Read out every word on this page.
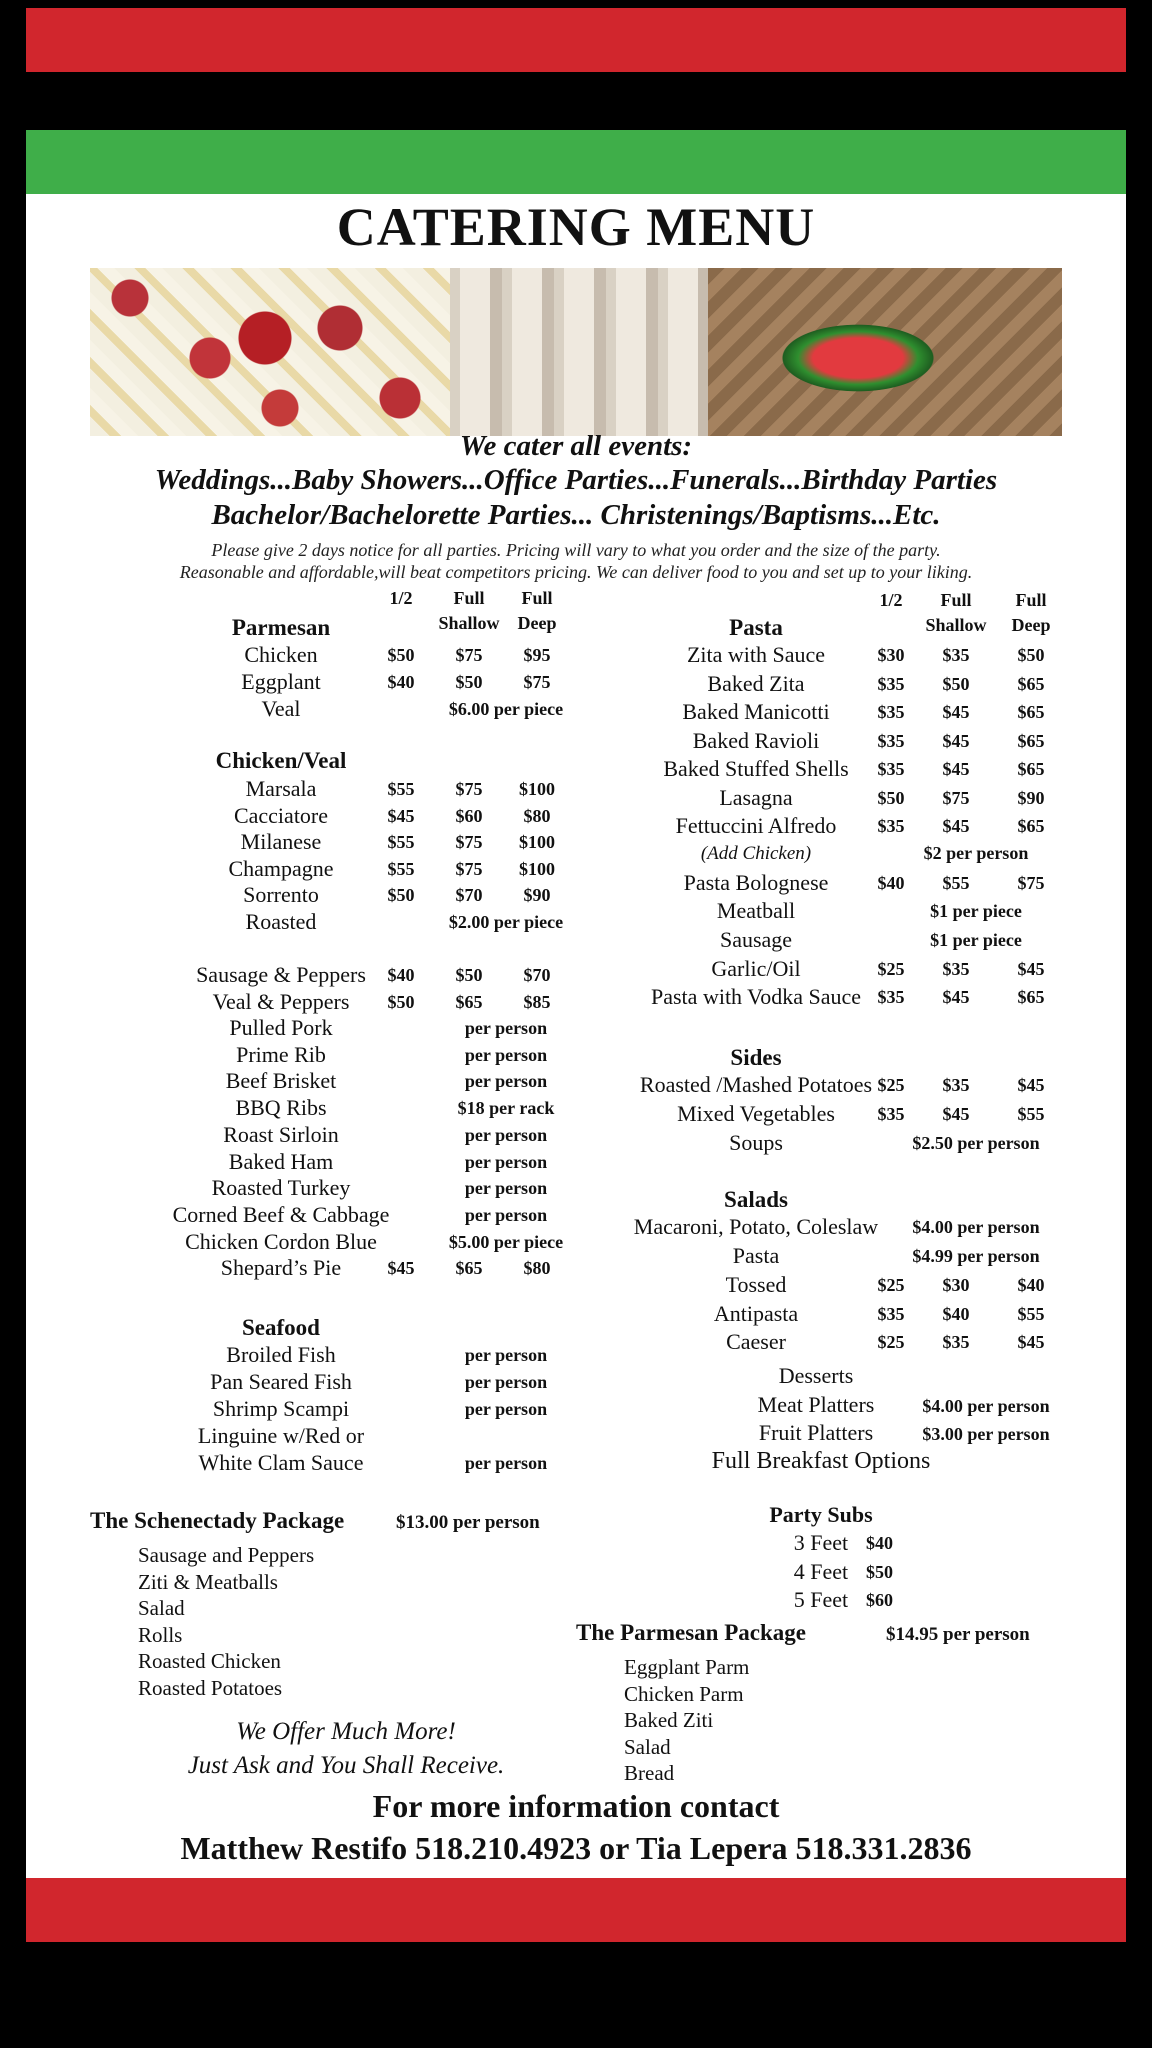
CATERING MENU
We cater all events:
Weddings...Baby Showers...Office Parties...Funerals...Birthday Parties
Bachelor/Bachelorette Parties... Christenings/Baptisms...Etc.
Please give 2 days notice for all parties. Pricing will vary to what you order and the size of the party.
Reasonable and affordable,will beat competitors pricing. We can deliver food to you and set up to your liking.
We Offer Much More!
Just Ask and You Shall Receive.
For more information contact
Matthew Restifo 518.210.4923 or Tia Lepera 518.331.2836
1/2	Full	Full
Shallow Deep
Parmesan
Chicken	$50	$75	$95
Eggplant	$40	$50	$75
Veal	$6.00 per piece
Chicken/Veal
Marsala	$55	$75	$100
Cacciatore	$45	$60	$80
Milanese	$55	$75	$100
Champagne	$55	$75	$100
Sorrento	$50	$70	$90
Roasted	$2.00 per piece
Sausage & Peppers	$40	$50	$70
Veal & Peppers	$50	$65	$85
Pulled Pork	per person
Prime Rib	per person
Beef Brisket	per person
BBQ Ribs	$18 per rack
Roast Sirloin	per person
Baked Ham	per person
Roasted Turkey	per person
Corned Beef & Cabbage	per person
Chicken Cordon Blue	$5.00 per piece
Shepard’s Pie	$45	$65	$80
Seafood
Broiled Fish	per person
Pan Seared Fish	per person
Shrimp Scampi	per person
Linguine w/Red or
White Clam Sauce	per person
The Schenectady Package	$13.00 per person
Sausage and Peppers
Ziti & Meatballs
Salad
Rolls
Roasted Chicken
Roasted Potatoes
1/2	Full	Full
Shallow	Deep
Pasta
Zita with Sauce	$30	$35	$50
Baked Zita	$35	$50	$65
Baked Manicotti	$35	$45	$65
Baked Ravioli	$35	$45	$65
Baked Stuffed Shells	$35	$45	$65
Lasagna	$50	$75	$90
Fettuccini Alfredo	$35	$45	$65
(Add Chicken)	$2 per person
Pasta Bolognese	$40	$55	$75
Meatball	$1 per piece
Sausage	$1 per piece
Garlic/Oil	$25	$35	$45
Pasta with Vodka Sauce $35	$45	$65
Sides
Roasted /Mashed Potatoes $25	$35	$45
Mixed Vegetables	$35	$45	$55
Soups	$2.50 per person
Salads
Macaroni, Potato, Coleslaw	$4.00 per person
Pasta	$4.99 per person
Tossed	$25	$30	$40
Antipasta	$35	$40	$55
Caeser	$25	$35	$45
Desserts
Meat Platters	$4.00 per person
Fruit Platters	$3.00 per person
Full Breakfast Options
Party Subs
3 Feet $40
4 Feet $50
5 Feet $60
The Parmesan Package	$14.95 per person
Eggplant Parm
Chicken Parm
Baked Ziti
Salad
Bread
